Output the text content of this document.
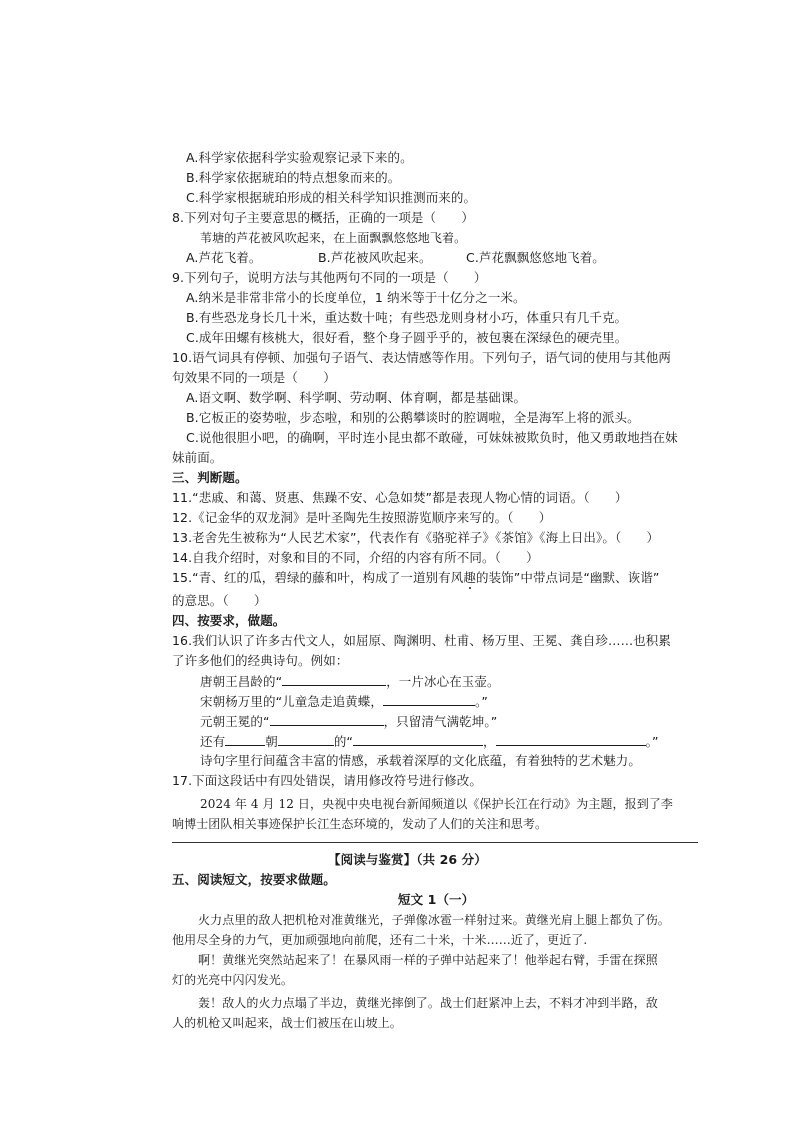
A.科学家依据科学实验观察记录下来的。
B.科学家依据琥珀的特点想象而来的。
C.科学家根据琥珀形成的相关科学知识推测而来的。
8.下列对句子主要意思的概括，正确的一项是（　　）
苇塘的芦花被风吹起来，在上面飘飘悠悠地飞着。
A.芦花飞着。	B.芦花被风吹起来。	C.芦花飘飘悠悠地飞着。
9.下列句子，说明方法与其他两句不同的一项是（　　）
A.纳米是非常非常小的长度单位，1 纳米等于十亿分之一米。
B.有些恐龙身长几十米，重达数十吨；有些恐龙则身材小巧，体重只有几千克。
C.成年田螺有核桃大，很好看，整个身子圆乎乎的，被包裹在深绿色的硬壳里。
10.语气词具有停顿、加强句子语气、表达情感等作用。下列句子，语气词的使用与其他两
句效果不同的一项是（　　）
A.语文啊、数学啊、科学啊、劳动啊、体育啊，都是基础课。
B.它板正的姿势啦，步态啦，和别的公鹅攀谈时的腔调啦，全是海军上将的派头。
C.说他很胆小吧，的确啊，平时连小昆虫都不敢碰，可妹妹被欺负时，他又勇敢地挡在妹
妹前面。
三、判断题。
11.“悲戚、和蔼、贤惠、焦躁不安、心急如焚”都是表现人物心情的词语。（　　）
12.《记金华的双龙洞》是叶圣陶先生按照游览顺序来写的。（　　）
13.老舍先生被称为“人民艺术家”，代表作有《骆驼祥子》《茶馆》《海上日出》。（　　）
14.自我介绍时，对象和目的不同，介绍的内容有所不同。（　　）
15.“青、红的瓜，碧绿的藤和叶，构成了一道别有风趣的装饰”中带点词是“幽默、诙谐”
的意思。（　　）
四、按要求，做题。
16.我们认识了许多古代文人，如屈原、陶渊明、杜甫、杨万里、王冕、龚自珍……也积累
了许多他们的经典诗句。例如：
唐朝王昌龄的“	，一片冰心在玉壶。
宋朝杨万里的“儿童急走追黄蝶，	。”
元朝王冕的“	，只留清气满乾坤。”
还有	朝	的“	，	。”
诗句字里行间蕴含丰富的情感，承载着深厚的文化底蕴，有着独特的艺术魅力。
17.下面这段话中有四处错误，请用修改符号进行修改。
2024 年 4 月 12 日，央视中央电视台新闻频道以《保护长江在行动》为主题，报到了李
响博士团队相关事迹保护长江生态环境的，发动了人们的关注和思考。
【阅读与鉴赏】（共 26 分）
五、阅读短文，按要求做题。
短文 1（一）
火力点里的敌人把机枪对准黄继光，子弹像冰雹一样射过来。黄继光肩上腿上都负了伤。
他用尽全身的力气，更加顽强地向前爬，还有二十米，十米……近了，更近了.
啊！黄继光突然站起来了！在暴风雨一样的子弹中站起来了！他举起右臂，手雷在探照
灯的光亮中闪闪发光。
轰！敌人的火力点塌了半边，黄继光摔倒了。战士们赶紧冲上去，不料才冲到半路，敌
人的机枪又叫起来，战士们被压在山坡上。
